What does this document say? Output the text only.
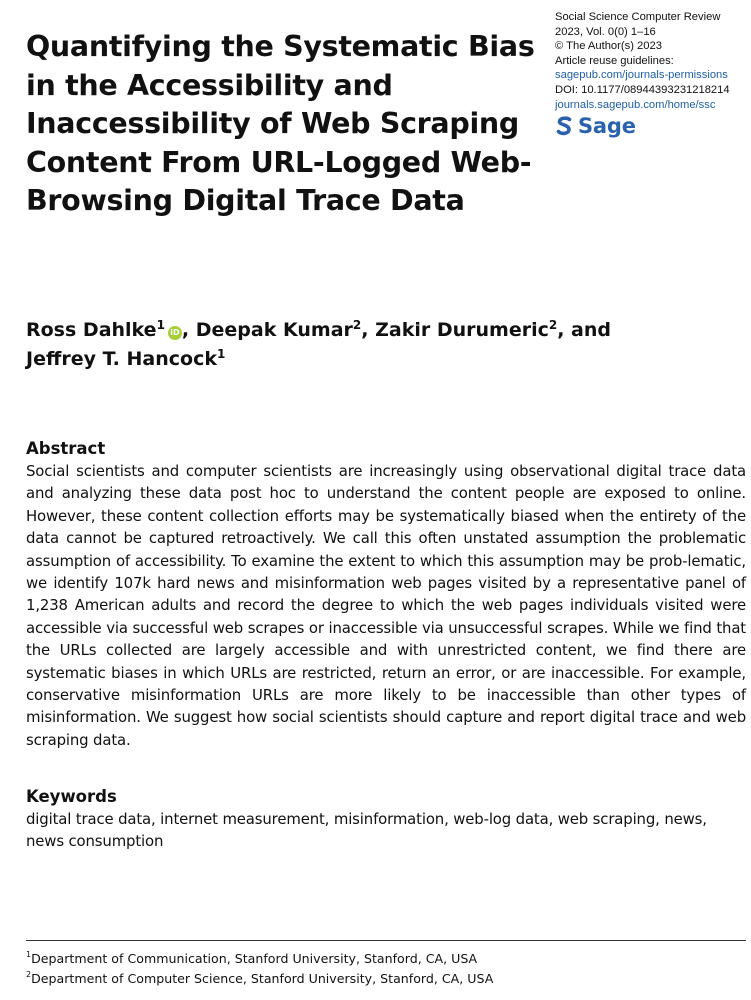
Quantifying the Systematic Bias in the Accessibility and Inaccessibility of Web Scraping Content From URL-Logged Web-Browsing Digital Trace Data
Social Science Computer Review
2023, Vol. 0(0) 1–16
© The Author(s) 2023
Article reuse guidelines:
sagepub.com/journals-permissions
DOI: 10.1177/08944393231218214
journals.sagepub.com/home/ssc
Sage
Ross Dahlke$^1$iD , Deepak Kumar$^2$, Zakir Durumeric$^2$, and
Jeffrey T. Hancock$^1$
Abstract
Social scientists and computer scientists are increasingly using observational digital trace data and analyzing these data post hoc to understand the content people are exposed to online. However, these content collection efforts may be systematically biased when the entirety of the data cannot be captured retroactively. We call this often unstated assumption the problematic assumption of accessibility. To examine the extent to which this assumption may be prob-lematic, we identify 107k hard news and misinformation web pages visited by a representative panel of 1,238 American adults and record the degree to which the web pages individuals visited were accessible via successful web scrapes or inaccessible via unsuccessful scrapes. While we find that the URLs collected are largely accessible and with unrestricted content, we find there are systematic biases in which URLs are restricted, return an error, or are inaccessible. For example, conservative misinformation URLs are more likely to be inaccessible than other types of misinformation. We suggest how social scientists should capture and report digital trace and web scraping data.
Keywords
digital trace data, internet measurement, misinformation, web-log data, web scraping, news, news consumption
$^1$Department of Communication, Stanford University, Stanford, CA, USA
$^2$Department of Computer Science, Stanford University, Stanford, CA, USA
